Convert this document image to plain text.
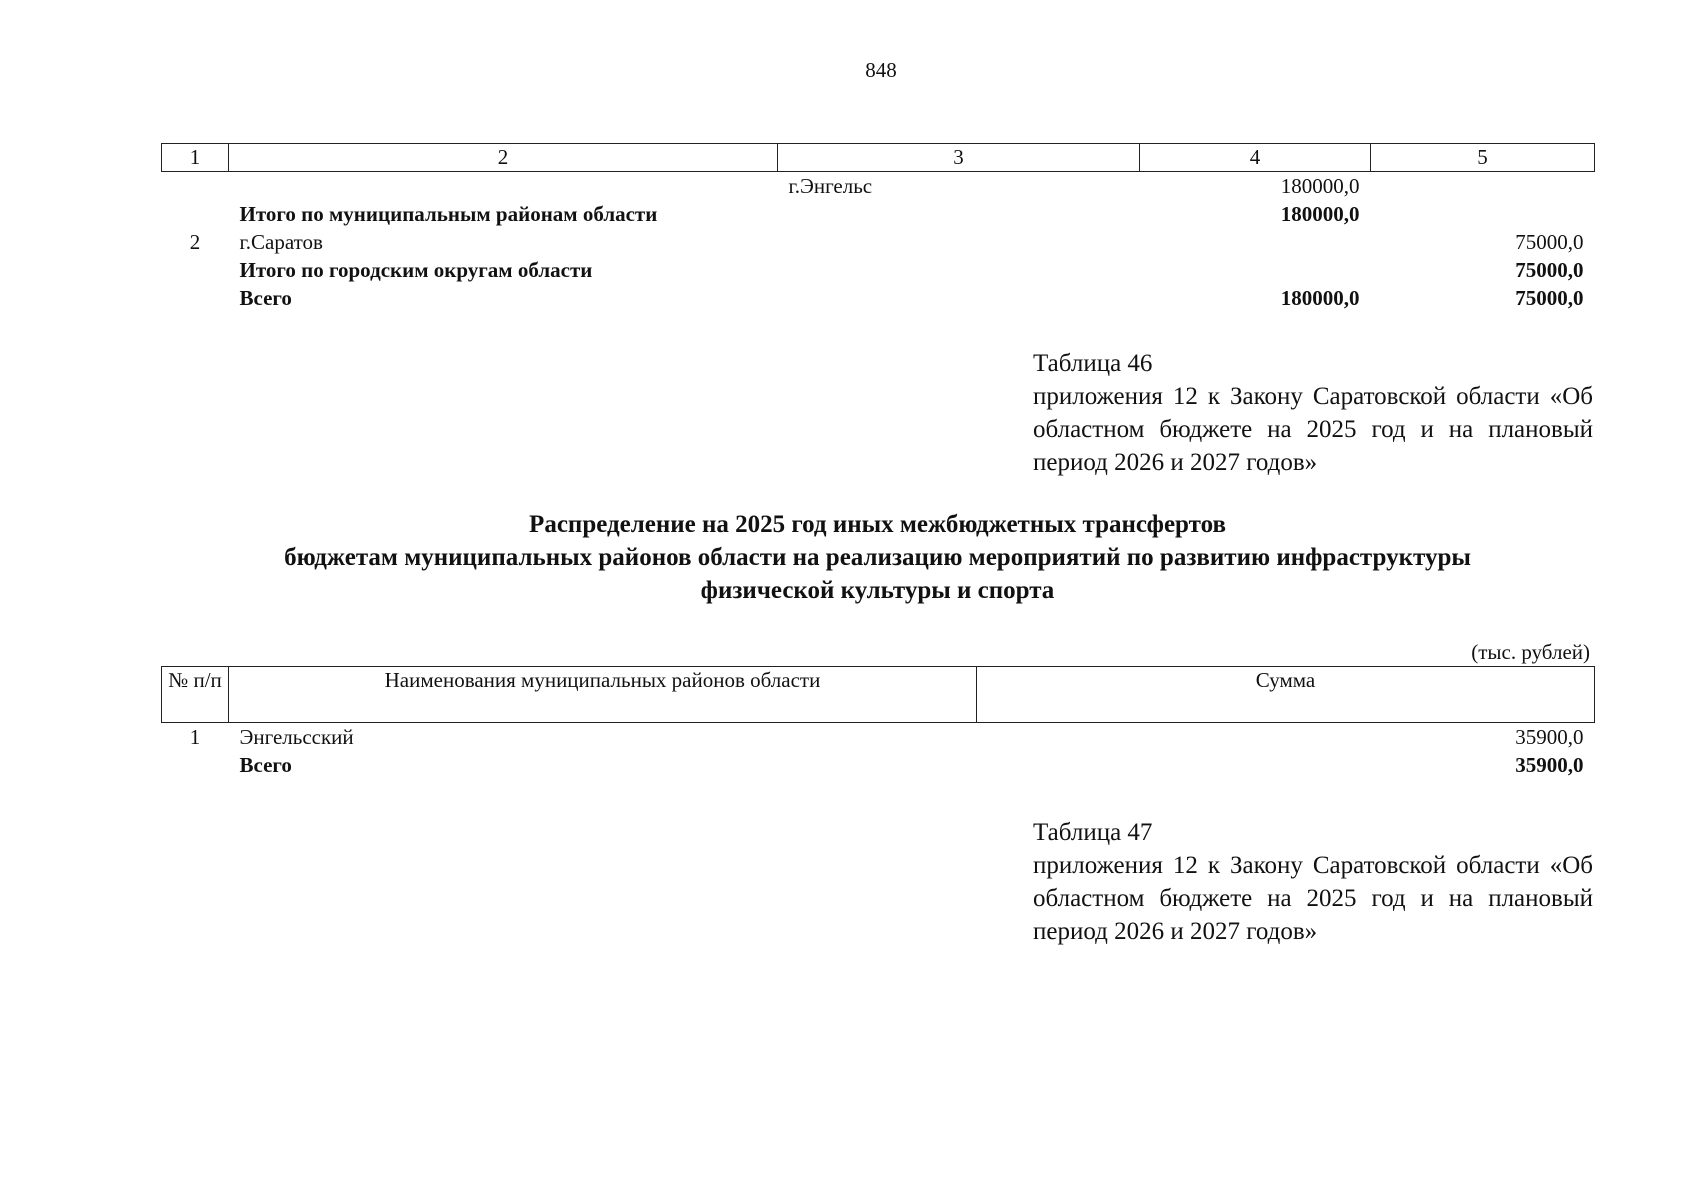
848
1	2	3	4	5
		г.Энгельс	180000,0	
	Итого по муниципальным районам области		180000,0	
2	г.Саратов			75000,0
	Итого по городским округам области			75000,0
	Всего		180000,0	75000,0
Таблица 46
приложения 12 к Закону Саратовской области «Об областном бюджете на 2025 год и на плановый период 2026 и 2027 годов»
Распределение на 2025 год иных межбюджетных трансфертов
бюджетам муниципальных районов области на реализацию мероприятий по развитию инфраструктуры
физической культуры и спорта
(тыс. рублей)
№ п/п	Наименования муниципальных районов области	Сумма
1	Энгельсский	35900,0
	Всего	35900,0
Таблица 47
приложения 12 к Закону Саратовской области «Об областном бюджете на 2025 год и на плановый период 2026 и 2027 годов»
